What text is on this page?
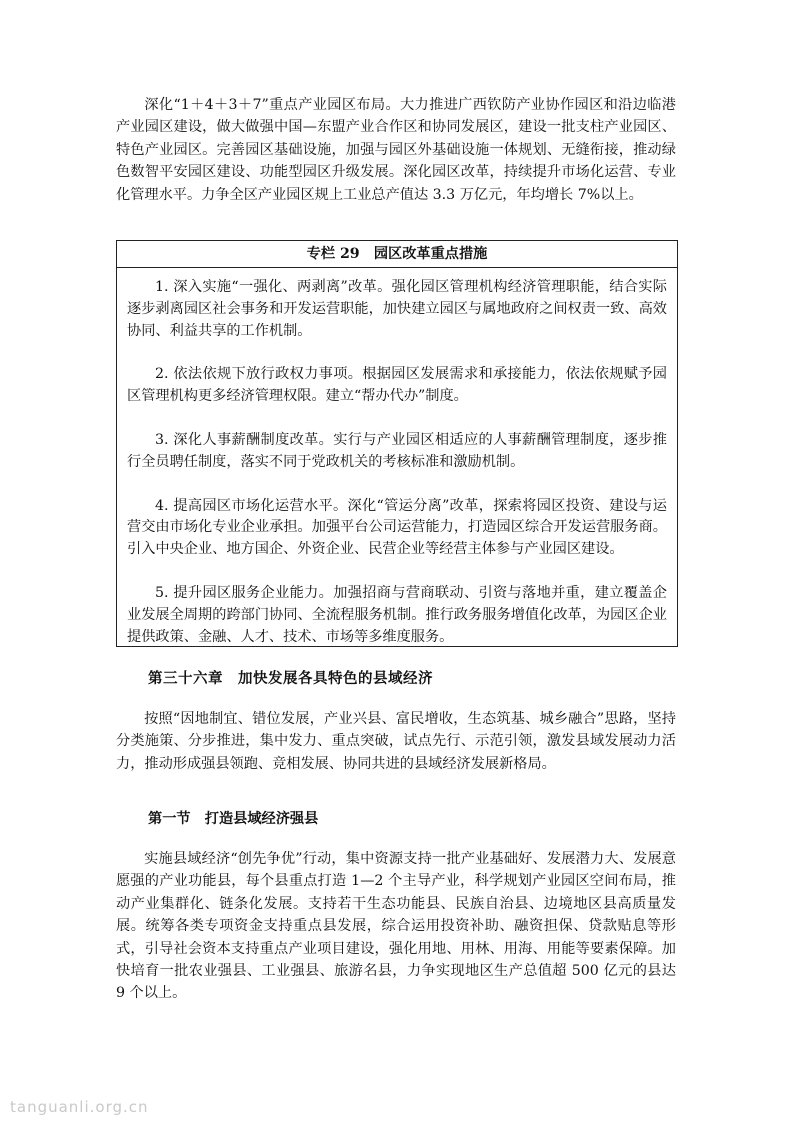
深化“1＋4＋3＋7”重点产业园区布局。大力推进广西钦防产业协作园区和沿边临港产业园区建设，做大做强中国—东盟产业合作区和协同发展区，建设一批支柱产业园区、特色产业园区。完善园区基础设施，加强与园区外基础设施一体规划、无缝衔接，推动绿色数智平安园区建设、功能型园区升级发展。深化园区改革，持续提升市场化运营、专业化管理水平。力争全区产业园区规上工业总产值达 3.3 万亿元，年均增长 7%以上。

专栏 29　园区改革重点措施

1. 深入实施“一强化、两剥离”改革。强化园区管理机构经济管理职能，结合实际逐步剥离园区社会事务和开发运营职能，加快建立园区与属地政府之间权责一致、高效协同、利益共享的工作机制。

2. 依法依规下放行政权力事项。根据园区发展需求和承接能力，依法依规赋予园区管理机构更多经济管理权限。建立“帮办代办”制度。

3. 深化人事薪酬制度改革。实行与产业园区相适应的人事薪酬管理制度，逐步推行全员聘任制度，落实不同于党政机关的考核标准和激励机制。

4. 提高园区市场化运营水平。深化“管运分离”改革，探索将园区投资、建设与运营交由市场化专业企业承担。加强平台公司运营能力，打造园区综合开发运营服务商。引入中央企业、地方国企、外资企业、民营企业等经营主体参与产业园区建设。

5. 提升园区服务企业能力。加强招商与营商联动、引资与落地并重，建立覆盖企业发展全周期的跨部门协同、全流程服务机制。推行政务服务增值化改革，为园区企业提供政策、金融、人才、技术、市场等多维度服务。

第三十六章　加快发展各具特色的县域经济

按照“因地制宜、错位发展，产业兴县、富民增收，生态筑基、城乡融合”思路，坚持分类施策、分步推进，集中发力、重点突破，试点先行、示范引领，激发县域发展动力活力，推动形成强县领跑、竞相发展、协同共进的县域经济发展新格局。

第一节　打造县域经济强县

实施县域经济“创先争优”行动，集中资源支持一批产业基础好、发展潜力大、发展意愿强的产业功能县，每个县重点打造 1—2 个主导产业，科学规划产业园区空间布局，推动产业集群化、链条化发展。支持若干生态功能县、民族自治县、边境地区县高质量发展。统筹各类专项资金支持重点县发展，综合运用投资补助、融资担保、贷款贴息等形式，引导社会资本支持重点产业项目建设，强化用地、用林、用海、用能等要素保障。加快培育一批农业强县、工业强县、旅游名县，力争实现地区生产总值超 500 亿元的县达 9 个以上。

tanguanli.org.cn
